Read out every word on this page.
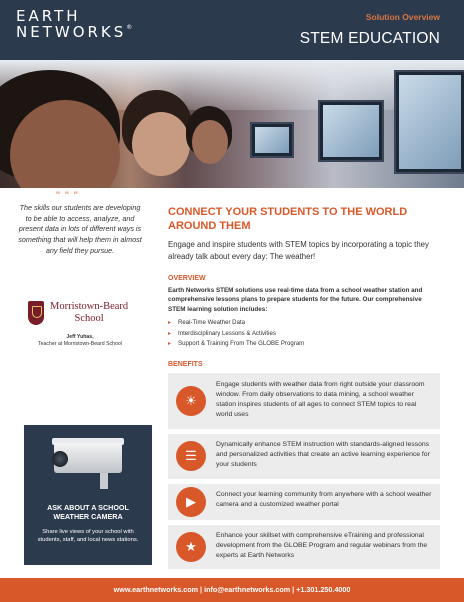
EARTH
NETWORKS®
Solution Overview
STEM EDUCATION
" " "
The skills our students are developing to be able to access, analyze, and present data in lots of different ways is something that will help them in almost any field they pursue.
Morristown-Beard
School
Jeff Yuhas,
Teacher at Morristown-Beard School
ASK ABOUT A SCHOOL
WEATHER CAMERA
Share live views of your school with students, staff, and local news stations.
CONNECT YOUR STUDENTS TO THE WORLD AROUND THEM
Engage and inspire students with STEM topics by incorporating a topic they already talk about every day: The weather!
OVERVIEW
Earth Networks STEM solutions use real-time data from a school weather station and comprehensive lessons plans to prepare students for the future. Our comprehensive STEM learning solution includes:
▸ Real-Time Weather Data
▸ Interdisciplinary Lessons & Activities
▸ Support & Training From The GLOBE Program
BENEFITS
☀
Engage students with weather data from right outside your classroom window. From daily observations to data mining, a school weather station inspires students of all ages to connect STEM topics to real world uses
☰
Dynamically enhance STEM instruction with standards-aligned lessons and personalized activities that create an active learning experience for your students
▶	Connect your learning community from anywhere with a school weather camera and a customized weather portal
★
Enhance your skillset with comprehensive eTraining and professional development from the GLOBE Program and regular webinars from the experts at Earth Networks
www.earthnetworks.com | info@earthnetworks.com | +1.301.250.4000
